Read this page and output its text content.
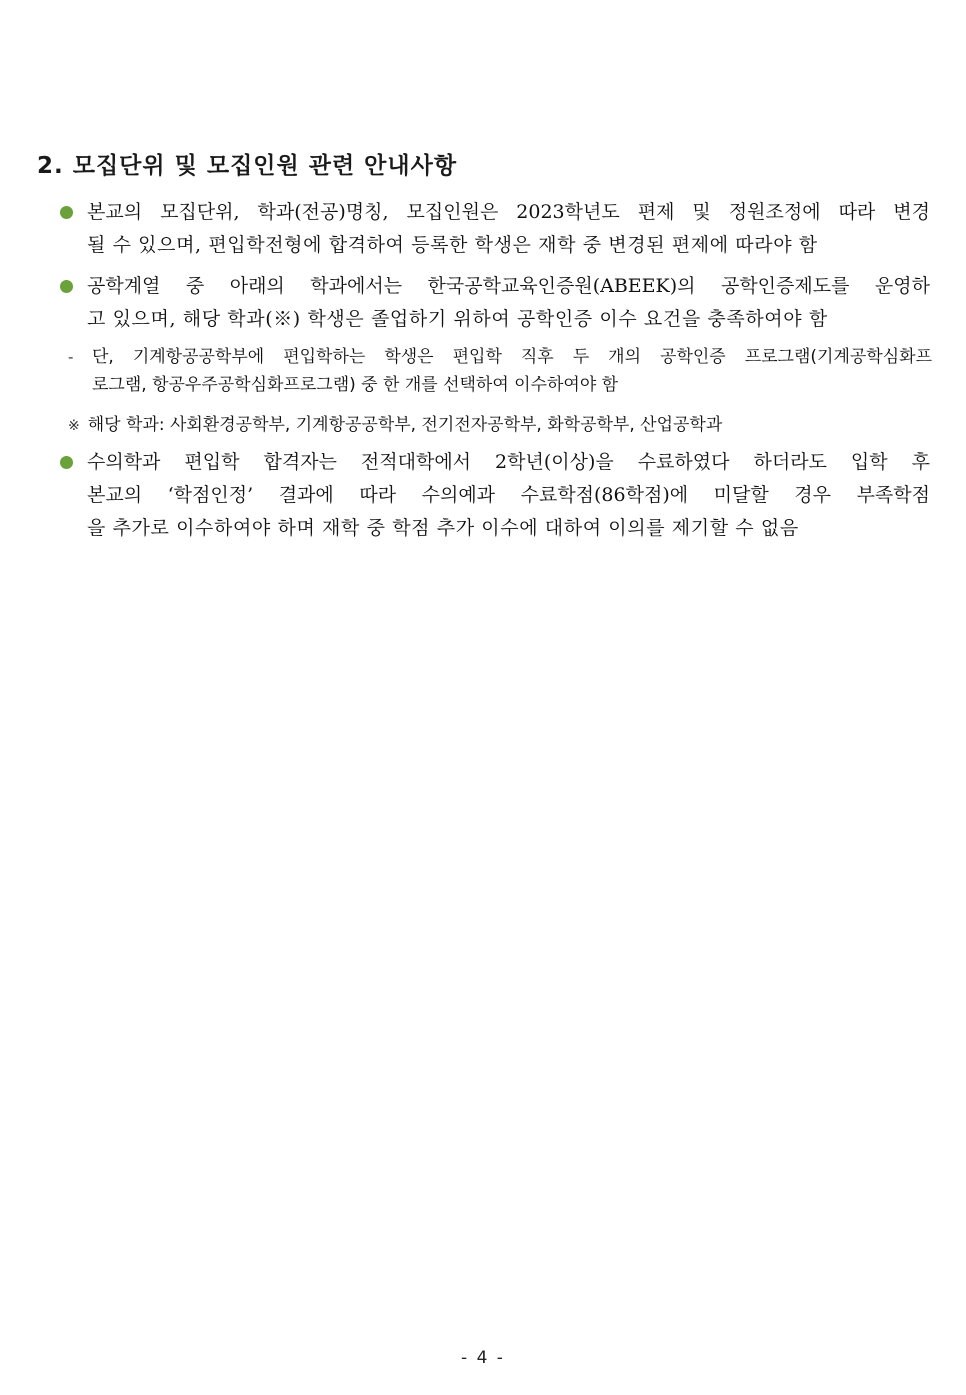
2. 모집단위 및 모집인원 관련 안내사항
본교의 모집단위, 학과(전공)명칭, 모집인원은 2023학년도 편제 및 정원조정에 따라 변경
될 수 있으며, 편입학전형에 합격하여 등록한 학생은 재학 중 변경된 편제에 따라야 함
공학계열 중 아래의 학과에서는 한국공학교육인증원(ABEEK)의 공학인증제도를 운영하
고 있으며, 해당 학과(※) 학생은 졸업하기 위하여 공학인증 이수 요건을 충족하여야 함
- 단, 기계항공공학부에 편입학하는 학생은 편입학 직후 두 개의 공학인증 프로그램(기계공학심화프
로그램, 항공우주공학심화프로그램) 중 한 개를 선택하여 이수하여야 함
※ 해당 학과: 사회환경공학부, 기계항공공학부, 전기전자공학부, 화학공학부, 산업공학과
수의학과 편입학 합격자는 전적대학에서 2학년(이상)을 수료하였다 하더라도 입학 후
본교의 ‘학점인정’ 결과에 따라 수의예과 수료학점(86학점)에 미달할 경우 부족학점
을 추가로 이수하여야 하며 재학 중 학점 추가 이수에 대하여 이의를 제기할 수 없음
- 4 -
